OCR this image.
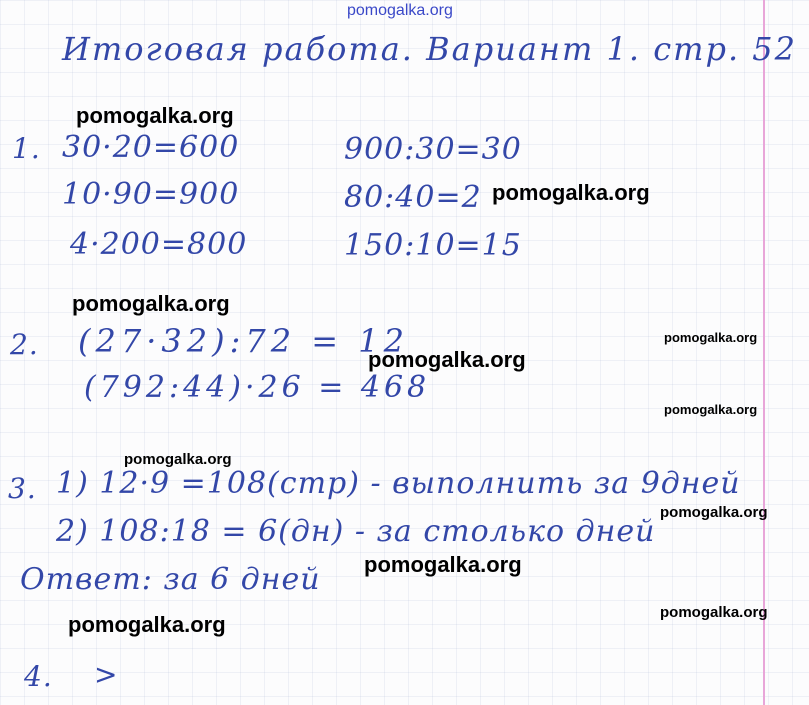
pomogalka.org
Итоговая работа. Вариант 1. стр. 52
1. 30·20=600
10·90=900
4·200=800
900:30=30
80:40=2
150:10=15
2. (27·32):72 = 12
(792:44)·26 = 468
3. 1) 12·9 =108(стр) - выполнить за 9дней
2) 108:18 = 6(дн) - за столько дней
Ответ: за 6 дней
4. >
pomogalka.org
pomogalka.org
pomogalka.org
pomogalka.org
pomogalka.org
pomogalka.org
pomogalka.org
pomogalka.org
pomogalka.org
pomogalka.org
pomogalka.org
